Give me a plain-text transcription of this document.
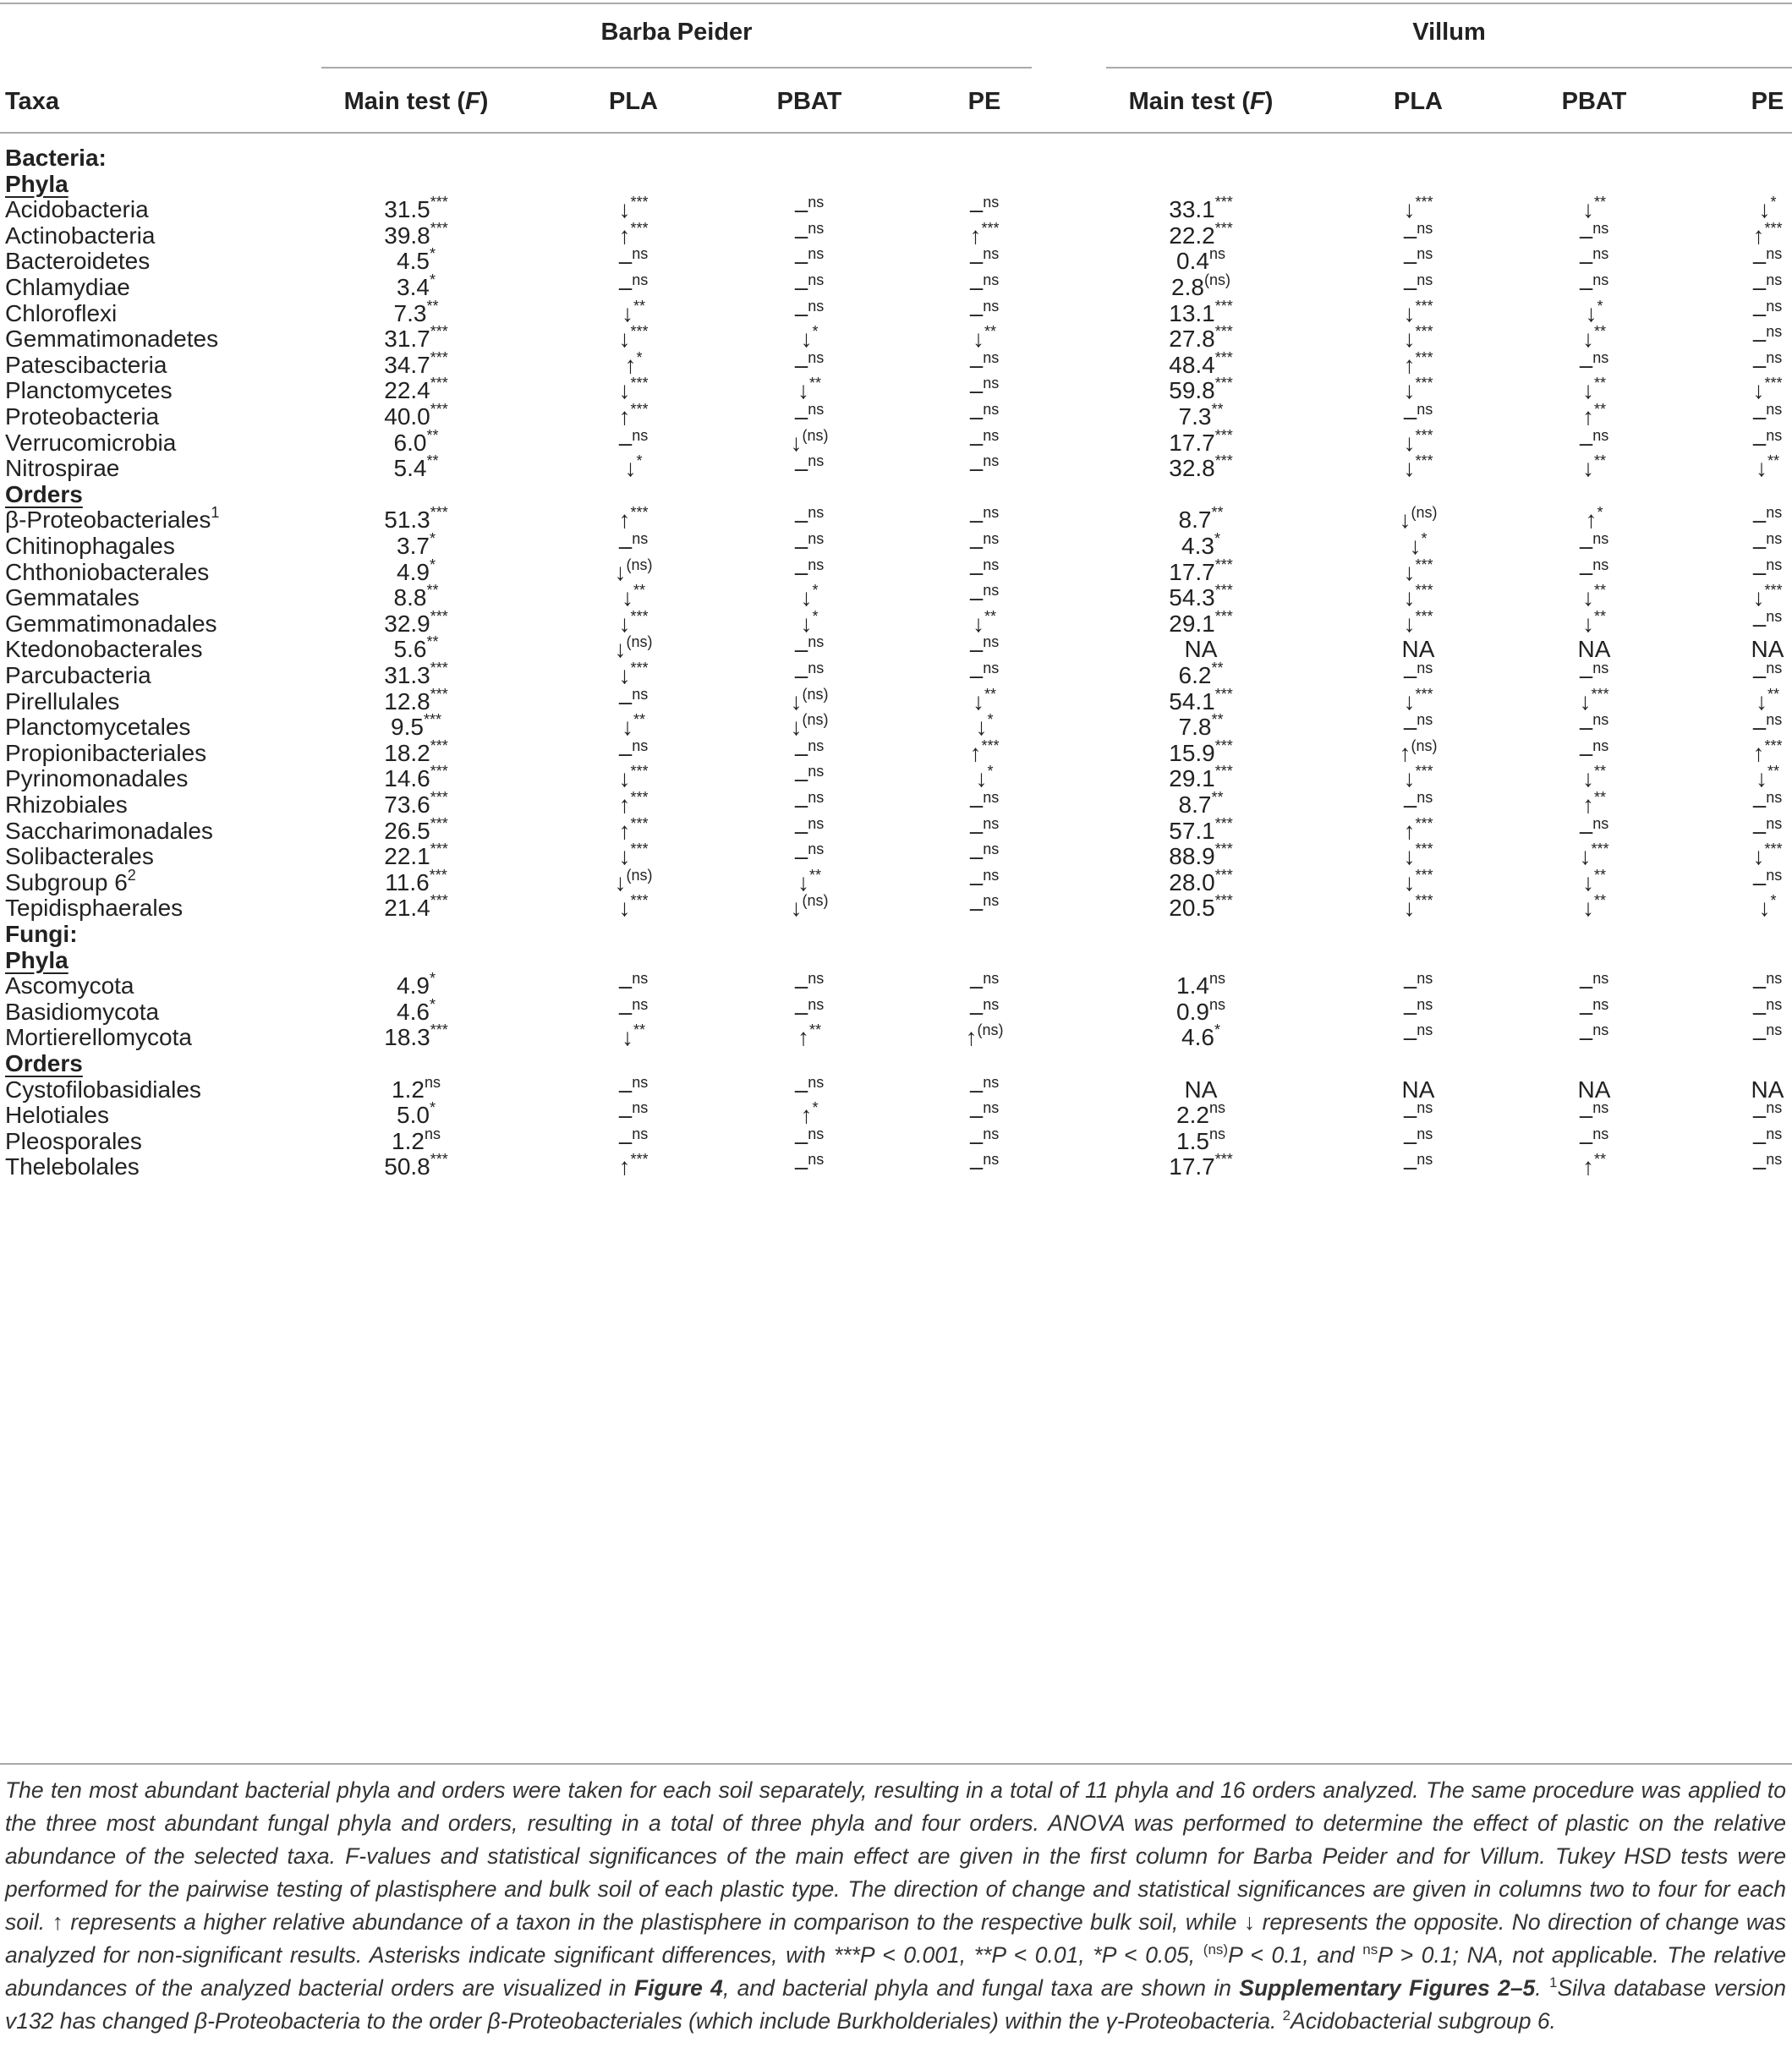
Barba Peider	Villum
Taxa	Main test (F)	PLA	PBAT	PE	Main test (F)	PLA	PBAT	PE
Bacteria:
Phyla
Acidobacteria	31.5***	↓***	–$^{ns}$	–$^{ns}$	33.1***	↓***	↓**	↓*
Actinobacteria	39.8***	↑***	–$^{ns}$	↑***	22.2***	–$^{ns}$	–$^{ns}$	↑***
Bacteroidetes	4.5*	–$^{ns}$	–$^{ns}$	–$^{ns}$	$0.4^{ns}$	–$^{ns}$	–$^{ns}$	–$^{ns}$
Chlamydiae	3.4*	–$^{ns}$	–$^{ns}$	–$^{ns}$	$2.8^{(ns)}$	–$^{ns}$	–$^{ns}$	–$^{ns}$
Chloroflexi	7.3**	↓**	–$^{ns}$	–$^{ns}$	13.1***	↓***	↓*	–$^{ns}$
Gemmatimonadetes	31.7***	↓***	↓*	↓**	27.8***	↓***	↓**	–$^{ns}$
Patescibacteria	34.7***	↑*	–$^{ns}$	–$^{ns}$	48.4***	↑***	–$^{ns}$	–$^{ns}$
Planctomycetes	22.4***	↓***	↓**	–$^{ns}$	59.8***	↓***	↓**	↓***
Proteobacteria	40.0***	↑***	–$^{ns}$	–$^{ns}$	7.3**	–$^{ns}$	↑**	–$^{ns}$
Verrucomicrobia	6.0**	–$^{ns}$	↓$^{(ns)}$	–$^{ns}$	17.7***	↓***	–$^{ns}$	–$^{ns}$
Nitrospirae	5.4**	↓*	–$^{ns}$	–$^{ns}$	32.8***	↓***	↓**	↓**
Orders
β-Proteobacteriales$^1$	51.3***	↑***	–$^{ns}$	–$^{ns}$	8.7**	↓$^{(ns)}$	↑*	–$^{ns}$
Chitinophagales	3.7*	–$^{ns}$	–$^{ns}$	–$^{ns}$	4.3*	↓*	–$^{ns}$	–$^{ns}$
Chthoniobacterales	4.9*	↓$^{(ns)}$	–$^{ns}$	–$^{ns}$	17.7***	↓***	–$^{ns}$	–$^{ns}$
Gemmatales	8.8**	↓**	↓*	–$^{ns}$	54.3***	↓***	↓**	↓***
Gemmatimonadales	32.9***	↓***	↓*	↓**	29.1***	↓***	↓**	–$^{ns}$
Ktedonobacterales	5.6**	↓$^{(ns)}$	–$^{ns}$	–$^{ns}$	NA	NA	NA	NA
Parcubacteria	31.3***	↓***	–$^{ns}$	–$^{ns}$	6.2**	–$^{ns}$	–$^{ns}$	–$^{ns}$
Pirellulales	12.8***	–$^{ns}$	↓$^{(ns)}$	↓**	54.1***	↓***	↓***	↓**
Planctomycetales	9.5***	↓**	↓$^{(ns)}$	↓*	7.8**	–$^{ns}$	–$^{ns}$	–$^{ns}$
Propionibacteriales	18.2***	–$^{ns}$	–$^{ns}$	↑***	15.9***	↑$^{(ns)}$	–$^{ns}$	↑***
Pyrinomonadales	14.6***	↓***	–$^{ns}$	↓*	29.1***	↓***	↓**	↓**
Rhizobiales	73.6***	↑***	–$^{ns}$	–$^{ns}$	8.7**	–$^{ns}$	↑**	–$^{ns}$
Saccharimonadales	26.5***	↑***	–$^{ns}$	–$^{ns}$	57.1***	↑***	–$^{ns}$	–$^{ns}$
Solibacterales	22.1***	↓***	–$^{ns}$	–$^{ns}$	88.9***	↓***	↓***	↓***
Subgroup $6^2$	11.6***	↓$^{(ns)}$	↓**	–$^{ns}$	28.0***	↓***	↓**	–$^{ns}$
Tepidisphaerales	21.4***	↓***	↓$^{(ns)}$	–$^{ns}$	20.5***	↓***	↓**	↓*
Fungi:
Phyla
Ascomycota	4.9*	–$^{ns}$	–$^{ns}$	–$^{ns}$	$1.4^{ns}$	–$^{ns}$	–$^{ns}$	–$^{ns}$
Basidiomycota	4.6*	–$^{ns}$	–$^{ns}$	–$^{ns}$	$0.9^{ns}$	–$^{ns}$	–$^{ns}$	–$^{ns}$
Mortierellomycota	18.3***	↓**	↑**	↑$^{(ns)}$	4.6*	–$^{ns}$	–$^{ns}$	–$^{ns}$
Orders
Cystofilobasidiales	$1.2^{ns}$	–$^{ns}$	–$^{ns}$	–$^{ns}$	NA	NA	NA	NA
Helotiales	5.0*	–$^{ns}$	↑*	–$^{ns}$	$2.2^{ns}$	–$^{ns}$	–$^{ns}$	–$^{ns}$
Pleosporales	$1.2^{ns}$	–$^{ns}$	–$^{ns}$	–$^{ns}$	$1.5^{ns}$	–$^{ns}$	–$^{ns}$	–$^{ns}$
Thelebolales	50.8***	↑***	–$^{ns}$	–$^{ns}$	17.7***	–$^{ns}$	↑**	–$^{ns}$
The ten most abundant bacterial phyla and orders were taken for each soil separately, resulting in a total of 11 phyla and 16 orders analyzed. The same procedure was applied to the three most abundant fungal phyla and orders, resulting in a total of three phyla and four orders. ANOVA was performed to determine the effect of plastic on the relative abundance of the selected taxa. F-values and statistical significances of the main effect are given in the first column for Barba Peider and for Villum. Tukey HSD tests were performed for the pairwise testing of plastisphere and bulk soil of each plastic type. The direction of change and statistical significances are given in columns two to four for each soil. ↑ represents a higher relative abundance of a taxon in the plastisphere in comparison to the respective bulk soil, while ↓ represents the opposite. No direction of change was analyzed for non-significant results. Asterisks indicate significant differences, with ***P < 0.001, **P < 0.01, *P < 0.05, $^{(ns)}$P < 0.1, and $^{ns}$P > 0.1; NA, not applicable. The relative abundances of the analyzed bacterial orders are visualized in Figure 4, and bacterial phyla and fungal taxa are shown in Supplementary Figures 2–5. $^1$Silva database version v132 has changed β-Proteobacteria to the order β-Proteobacteriales (which include Burkholderiales) within the γ-Proteobacteria. $^2$Acidobacterial subgroup 6.
